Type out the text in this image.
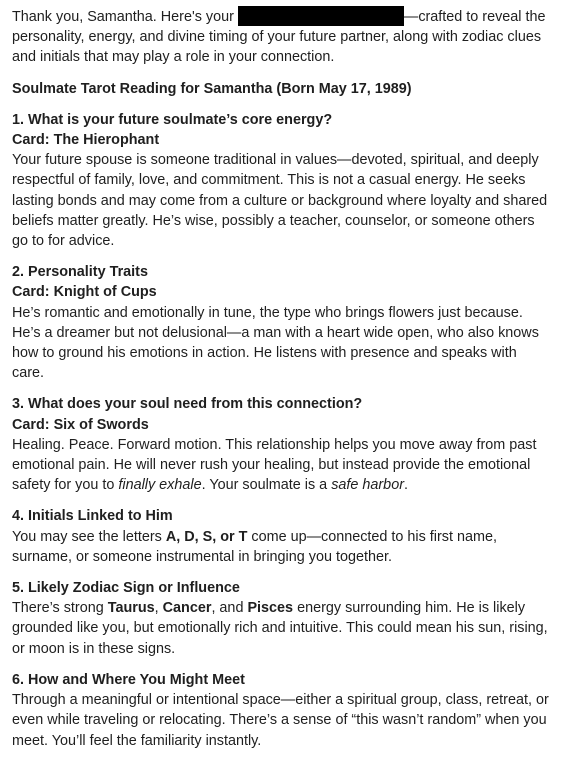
Thank you, Samantha. Here's your	—crafted to reveal the personality, energy, and divine timing of your future partner, along with zodiac clues and initials that may play a role in your connection.

Soulmate Tarot Reading for Samantha (Born May 17, 1989)

1. What is your future soulmate’s core energy?

Card: The Hierophant

Your future spouse is someone traditional in values—devoted, spiritual, and deeply respectful of family, love, and commitment. This is not a casual energy. He seeks lasting bonds and may come from a culture or background where loyalty and shared beliefs matter greatly. He’s wise, possibly a teacher, counselor, or someone others go to for advice.

2. Personality Traits

Card: Knight of Cups

He’s romantic and emotionally in tune, the type who brings flowers just because. He’s a dreamer but not delusional—a man with a heart wide open, who also knows how to ground his emotions in action. He listens with presence and speaks with care.

3. What does your soul need from this connection?

Card: Six of Swords

Healing. Peace. Forward motion. This relationship helps you move away from past emotional pain. He will never rush your healing, but instead provide the emotional safety for you to finally exhale. Your soulmate is a safe harbor.

4. Initials Linked to Him

You may see the letters A, D, S, or T come up—connected to his first name, surname, or someone instrumental in bringing you together.

5. Likely Zodiac Sign or Influence

There’s strong Taurus, Cancer, and Pisces energy surrounding him. He is likely grounded like you, but emotionally rich and intuitive. This could mean his sun, rising, or moon is in these signs.

6. How and Where You Might Meet

Through a meaningful or intentional space—either a spiritual group, class, retreat, or even while traveling or relocating. There’s a sense of “this wasn’t random” when you meet. You’ll feel the familiarity instantly.
